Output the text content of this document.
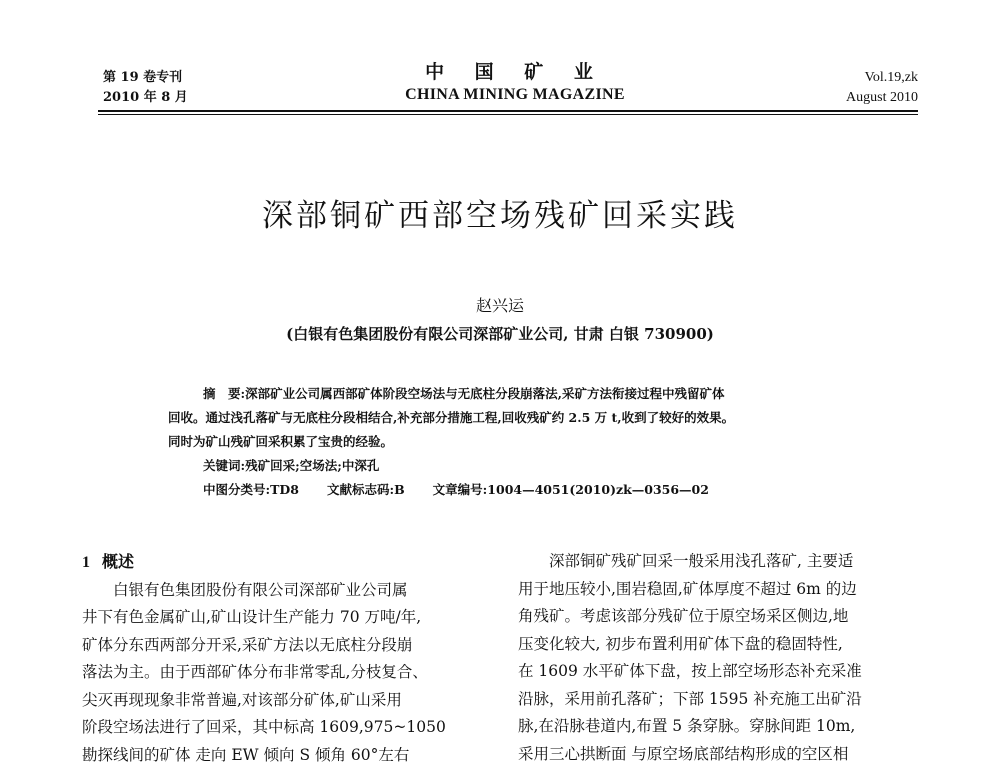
第 19 卷专刊
2010 年 8 月
中 国 矿 业
CHINA MINING MAGAZINE
Vol.19,zk
August 2010
深部铜矿西部空场残矿回采实践
赵兴运
(白银有色集团股份有限公司深部矿业公司, 甘肃 白银 730900)

摘　要:深部矿业公司属西部矿体阶段空场法与无底柱分段崩落法,采矿方法衔接过程中残留矿体

回收。通过浅孔落矿与无底柱分段相结合,补充部分措施工程,回收残矿约 2.5 万 t,收到了较好的效果。

同时为矿山残矿回采积累了宝贵的经验。

关键词:残矿回采;空场法;中深孔

中图分类号:TD8 文献标志码:B 文章编号:1004—4051(2010)zk—0356—02

1 概述

白银有色集团股份有限公司深部矿业公司属

井下有色金属矿山,矿山设计生产能力 70 万吨/年,

矿体分东西两部分开采,采矿方法以无底柱分段崩

落法为主。由于西部矿体分布非常零乱,分枝复合、

尖灭再现现象非常普遍,对该部分矿体,矿山采用

阶段空场法进行了回采，其中标高 1609,975~1050

勘探线间的矿体 走向 EW 倾向 S 倾角 60°左右

深部铜矿残矿回采一般采用浅孔落矿, 主要适

用于地压较小,围岩稳固,矿体厚度不超过 6m 的边

角残矿。考虑该部分残矿位于原空场采区侧边,地

压变化较大, 初步布置利用矿体下盘的稳固特性,

在 1609 水平矿体下盘，按上部空场形态补充采准

沿脉，采用前孔落矿；下部 1595 补充施工出矿沿

脉,在沿脉巷道内,布置 5 条穿脉。穿脉间距 10m,

采用三心拱断面 与原空场底部结构形成的空区相
